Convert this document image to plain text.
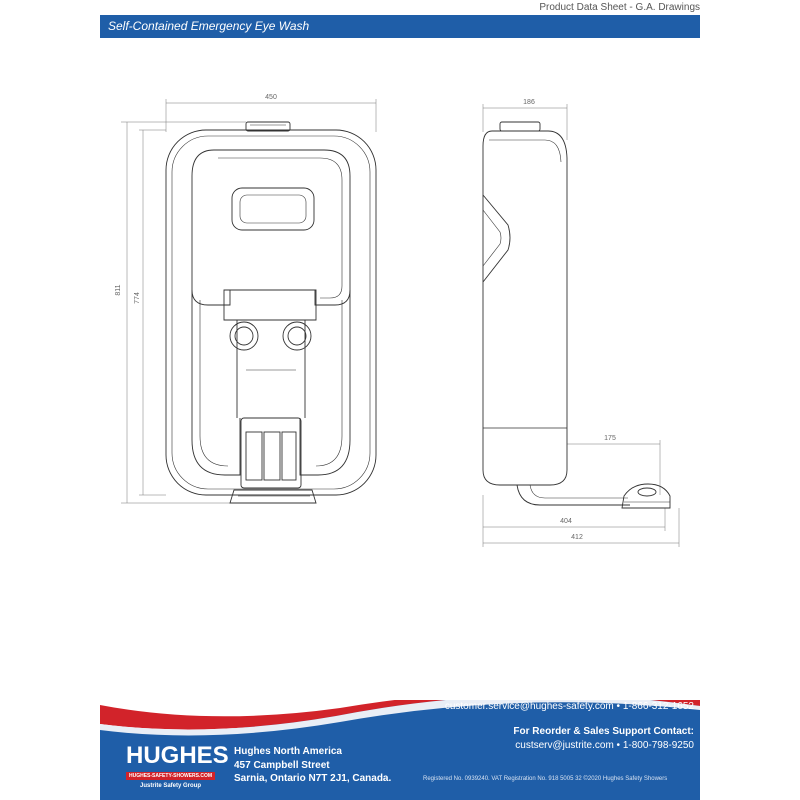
Product Data Sheet - G.A. Drawings
Self-Contained Emergency Eye Wash
450
811
774
186
175
404
412
HUGHES
HUGHES-SAFETY-SHOWERS.COM
Justrite Safety Group
Hughes North America
457 Campbell Street
Sarnia, Ontario N7T 2J1, Canada.
For Technical Support Contact:
customer.service@hughes-safety.com • 1-866-312-1652
For Reorder & Sales Support Contact:
custserv@justrite.com • 1-800-798-9250
Registered No. 0939240. VAT Registration No. 918 5005 32 ©2020 Hughes Safety Showers
